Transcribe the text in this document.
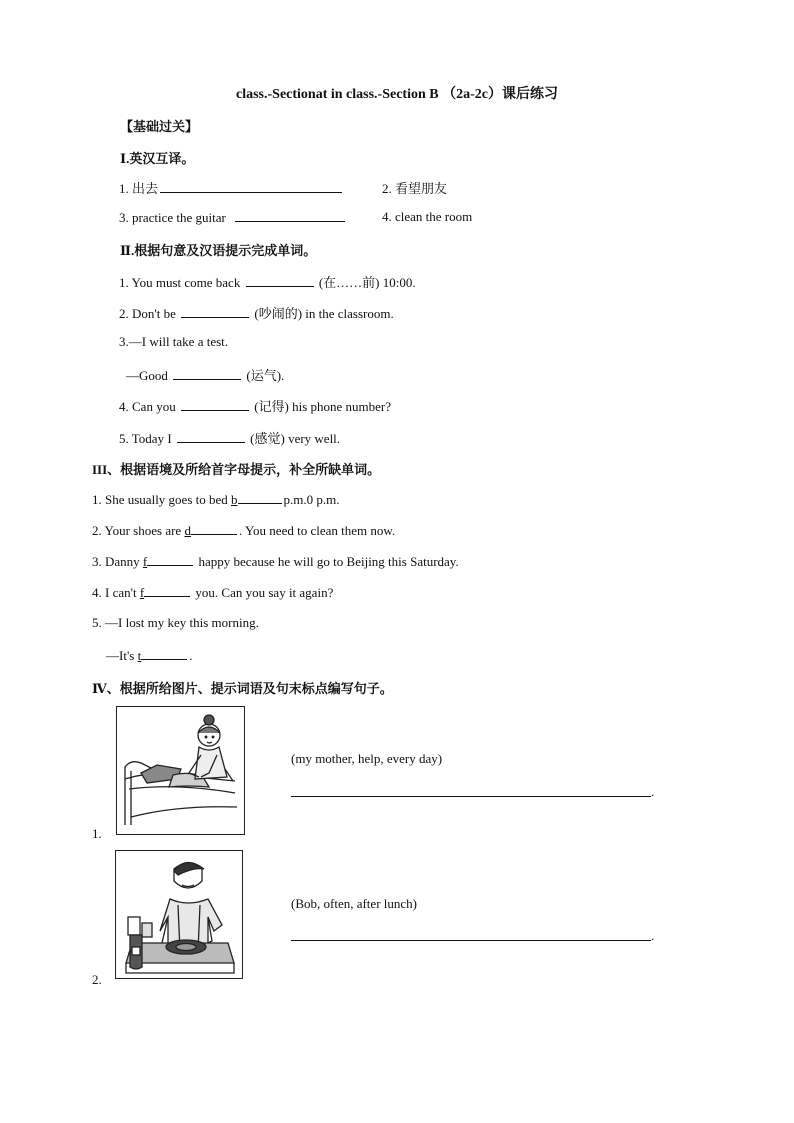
class.-Sectionat in class.-Section B （2a-2c）课后练习
【基础过关】
Ⅰ.英汉互译。
1. 出去	2. 看望朋友
3. practice the guitar	4. clean the room
Ⅱ.根据句意及汉语提示完成单词。
1. You must come back	(在……前) 10:00.
2. Don't be	(吵闹的) in the classroom.
3.—I will take a test.
—Good	(运气).
4. Can you	(记得) his phone number?
5. Today I	(感觉) very well.
III、根据语境及所给首字母提示，补全所缺单词。
1. She usually goes to bed b	p.m.0 p.m.
2. Your shoes are d	. You need to clean them now.
3. Danny f	happy because he will go to Beijing this Saturday.
4. I can't f	you. Can you say it again?
5. —I lost my key this morning.
—It's t	.
Ⅳ、根据所给图片、提示词语及句末标点编写句子。
1.
(my mother, help, every day)
.
2.
(Bob, often, after lunch)
.
